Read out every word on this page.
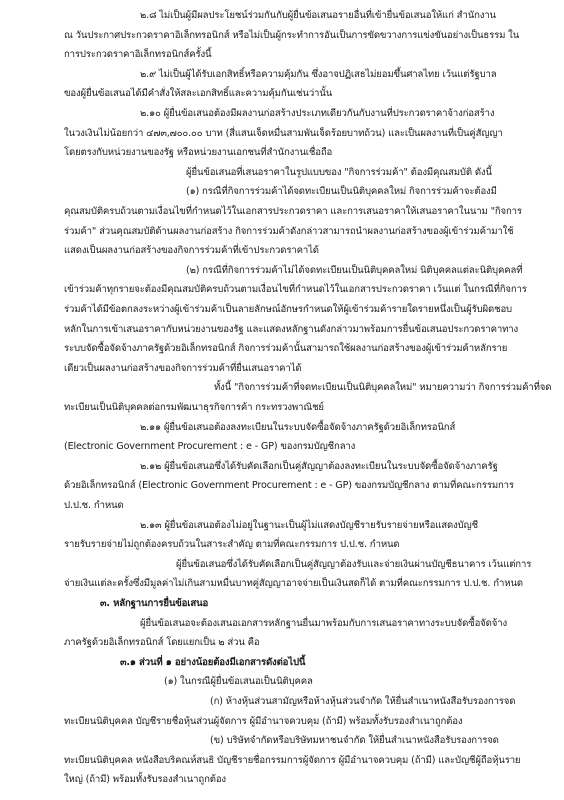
๒.๘ ไม่เป็นผู้มีผลประโยชน์ร่วมกันกับผู้ยื่นข้อเสนอรายอื่นที่เข้ายื่นข้อเสนอให้แก่ สำนักงาน
ณ วันประกาศประกวดราคาอิเล็กทรอนิกส์ หรือไม่เป็นผู้กระทำการอันเป็นการขัดขวางการแข่งขันอย่างเป็นธรรม ใน
การประกวดราคาอิเล็กทรอนิกส์ครั้งนี้
๒.๙ ไม่เป็นผู้ได้รับเอกสิทธิ์หรือความคุ้มกัน ซึ่งอาจปฏิเสธไม่ยอมขึ้นศาลไทย เว้นแต่รัฐบาล
ของผู้ยื่นข้อเสนอได้มีคำสั่งให้สละเอกสิทธิ์และความคุ้มกันเช่นว่านั้น
๒.๑๐ ผู้ยื่นข้อเสนอต้องมีผลงานก่อสร้างประเภทเดียวกันกับงานที่ประกวดราคาจ้างก่อสร้าง
ในวงเงินไม่น้อยกว่า ๔๗๓,๗๐๐.๐๐ บาท (สี่แสนเจ็ดหมื่นสามพันเจ็ดร้อยบาทถ้วน) และเป็นผลงานที่เป็นคู่สัญญา
โดยตรงกับหน่วยงานของรัฐ หรือหน่วยงานเอกชนที่สำนักงานเชื่อถือ
ผู้ยื่นข้อเสนอที่เสนอราคาในรูปแบบของ "กิจการร่วมค้า" ต้องมีคุณสมบัติ ดังนี้
(๑) กรณีที่กิจการร่วมค้าได้จดทะเบียนเป็นนิติบุคคลใหม่ กิจการร่วมค้าจะต้องมี
คุณสมบัติครบถ้วนตามเงื่อนไขที่กำหนดไว้ในเอกสารประกวดราคา และการเสนอราคาให้เสนอราคาในนาม "กิจการ
ร่วมค้า" ส่วนคุณสมบัติด้านผลงานก่อสร้าง กิจการร่วมค้าดังกล่าวสามารถนำผลงานก่อสร้างของผู้เข้าร่วมค้ามาใช้
แสดงเป็นผลงานก่อสร้างของกิจการร่วมค้าที่เข้าประกวดราคาได้
(๒) กรณีที่กิจการร่วมค้าไม่ได้จดทะเบียนเป็นนิติบุคคลใหม่ นิติบุคคลแต่ละนิติบุคคลที่
เข้าร่วมค้าทุกรายจะต้องมีคุณสมบัติครบถ้วนตามเงื่อนไขที่กำหนดไว้ในเอกสารประกวดราคา เว้นแต่ ในกรณีที่กิจการ
ร่วมค้าได้มีข้อตกลงระหว่างผู้เข้าร่วมค้าเป็นลายลักษณ์อักษรกำหนดให้ผู้เข้าร่วมค้ารายใดรายหนึ่งเป็นผู้รับผิดชอบ
หลักในการเข้าเสนอราคากับหน่วยงานของรัฐ และแสดงหลักฐานดังกล่าวมาพร้อมการยื่นข้อเสนอประกวดราคาทาง
ระบบจัดซื้อจัดจ้างภาครัฐด้วยอิเล็กทรอนิกส์ กิจการร่วมค้านั้นสามารถใช้ผลงานก่อสร้างของผู้เข้าร่วมค้าหลักราย
เดียวเป็นผลงานก่อสร้างของกิจการร่วมค้าที่ยื่นเสนอราคาได้
ทั้งนี้ "กิจการร่วมค้าที่จดทะเบียนเป็นนิติบุคคลใหม่" หมายความว่า กิจการร่วมค้าที่จด
ทะเบียนเป็นนิติบุคคลต่อกรมพัฒนาธุรกิจการค้า กระทรวงพาณิชย์
๒.๑๑ ผู้ยื่นข้อเสนอต้องลงทะเบียนในระบบจัดซื้อจัดจ้างภาครัฐด้วยอิเล็กทรอนิกส์
(Electronic Government Procurement : e - GP) ของกรมบัญชีกลาง
๒.๑๒ ผู้ยื่นข้อเสนอซึ่งได้รับคัดเลือกเป็นคู่สัญญาต้องลงทะเบียนในระบบจัดซื้อจัดจ้างภาครัฐ
ด้วยอิเล็กทรอนิกส์ (Electronic Government Procurement : e - GP) ของกรมบัญชีกลาง ตามที่คณะกรรมการ
ป.ป.ช. กำหนด
๒.๑๓ ผู้ยื่นข้อเสนอต้องไม่อยู่ในฐานะเป็นผู้ไม่แสดงบัญชีรายรับรายจ่ายหรือแสดงบัญชี
รายรับรายจ่ายไม่ถูกต้องครบถ้วนในสาระสำคัญ ตามที่คณะกรรมการ ป.ป.ช. กำหนด
ผู้ยื่นข้อเสนอซึ่งได้รับคัดเลือกเป็นคู่สัญญาต้องรับและจ่ายเงินผ่านบัญชีธนาคาร เว้นแต่การ
จ่ายเงินแต่ละครั้งซึ่งมีมูลค่าไม่เกินสามหมื่นบาทคู่สัญญาอาจจ่ายเป็นเงินสดก็ได้ ตามที่คณะกรรมการ ป.ป.ช. กำหนด
๓. หลักฐานการยื่นข้อเสนอ
ผู้ยื่นข้อเสนอจะต้องเสนอเอกสารหลักฐานยื่นมาพร้อมกับการเสนอราคาทางระบบจัดซื้อจัดจ้าง
ภาครัฐด้วยอิเล็กทรอนิกส์ โดยแยกเป็น ๒ ส่วน คือ
๓.๑ ส่วนที่ ๑ อย่างน้อยต้องมีเอกสารดังต่อไปนี้
(๑) ในกรณีผู้ยื่นข้อเสนอเป็นนิติบุคคล
(ก) ห้างหุ้นส่วนสามัญหรือห้างหุ้นส่วนจำกัด ให้ยื่นสำเนาหนังสือรับรองการจด
ทะเบียนนิติบุคคล บัญชีรายชื่อหุ้นส่วนผู้จัดการ ผู้มีอำนาจควบคุม (ถ้ามี) พร้อมทั้งรับรองสำเนาถูกต้อง
(ข) บริษัทจำกัดหรือบริษัทมหาชนจำกัด ให้ยื่นสำเนาหนังสือรับรองการจด
ทะเบียนนิติบุคคล หนังสือบริคณห์สนธิ บัญชีรายชื่อกรรมการผู้จัดการ ผู้มีอำนาจควบคุม (ถ้ามี) และบัญชีผู้ถือหุ้นราย
ใหญ่ (ถ้ามี) พร้อมทั้งรับรองสำเนาถูกต้อง
